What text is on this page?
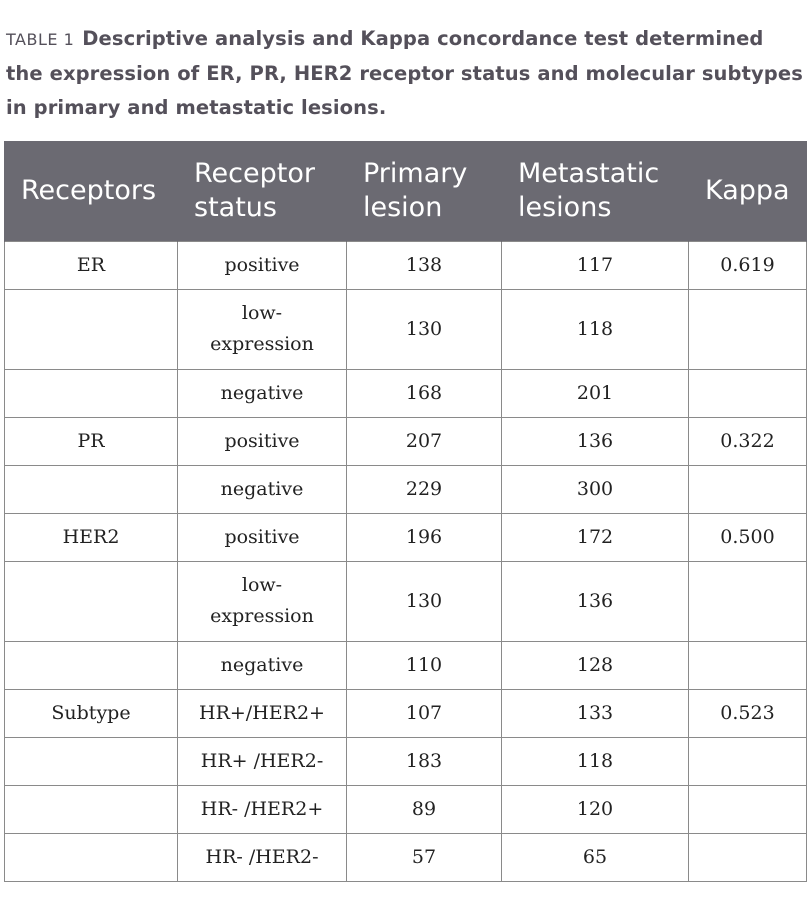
TABLE 1 Descriptive analysis and Kappa concordance test determined the expression of ER, PR, HER2 receptor status and molecular subtypes in primary and metastatic lesions.
Receptors	Receptor status	Primary lesion	Metastatic lesions	Kappa
ER	positive	138	117	0.619
	low-expression	130	118	
	negative	168	201	
PR	positive	207	136	0.322
	negative	229	300	
HER2	positive	196	172	0.500
	low-expression	130	136	
	negative	110	128	
Subtype	HR+/HER2+	107	133	0.523
	HR+ /HER2-	183	118	
	HR- /HER2+	89	120	
	HR- /HER2-	57	65	
